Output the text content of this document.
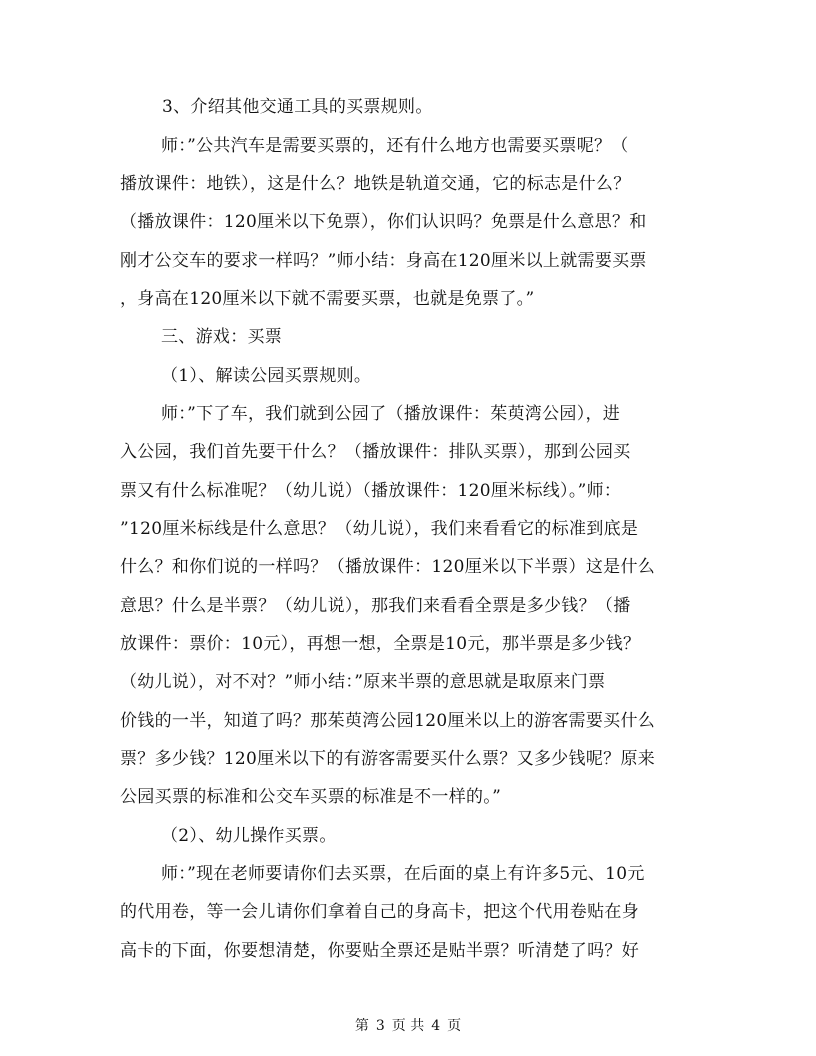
3、介绍其他交通工具的买票规则。
师：”公共汽车是需要买票的，还有什么地方也需要买票呢？（
播放课件：地铁），这是什么？地铁是轨道交通，它的标志是什么？
（播放课件：120厘米以下免票），你们认识吗？免票是什么意思？和
刚才公交车的要求一样吗？”师小结：身高在120厘米以上就需要买票
，身高在120厘米以下就不需要买票，也就是免票了。”
三、游戏：买票
（1）、解读公园买票规则。
师：”下了车，我们就到公园了（播放课件：茱萸湾公园），进
入公园，我们首先要干什么？（播放课件：排队买票），那到公园买
票又有什么标准呢？（幼儿说）（播放课件：120厘米标线）。”师：
”120厘米标线是什么意思？（幼儿说），我们来看看它的标准到底是
什么？和你们说的一样吗？（播放课件：120厘米以下半票）这是什么
意思？什么是半票？（幼儿说），那我们来看看全票是多少钱？（播
放课件：票价：10元），再想一想，全票是10元，那半票是多少钱？
（幼儿说），对不对？”师小结：”原来半票的意思就是取原来门票
价钱的一半，知道了吗？那茱萸湾公园120厘米以上的游客需要买什么
票？多少钱？120厘米以下的有游客需要买什么票？又多少钱呢？原来
公园买票的标准和公交车买票的标准是不一样的。”
（2）、幼儿操作买票。
师：”现在老师要请你们去买票，在后面的桌上有许多5元、10元
的代用卷，等一会儿请你们拿着自己的身高卡，把这个代用卷贴在身
高卡的下面，你要想清楚，你要贴全票还是贴半票？听清楚了吗？好
第 3 页 共 4 页
